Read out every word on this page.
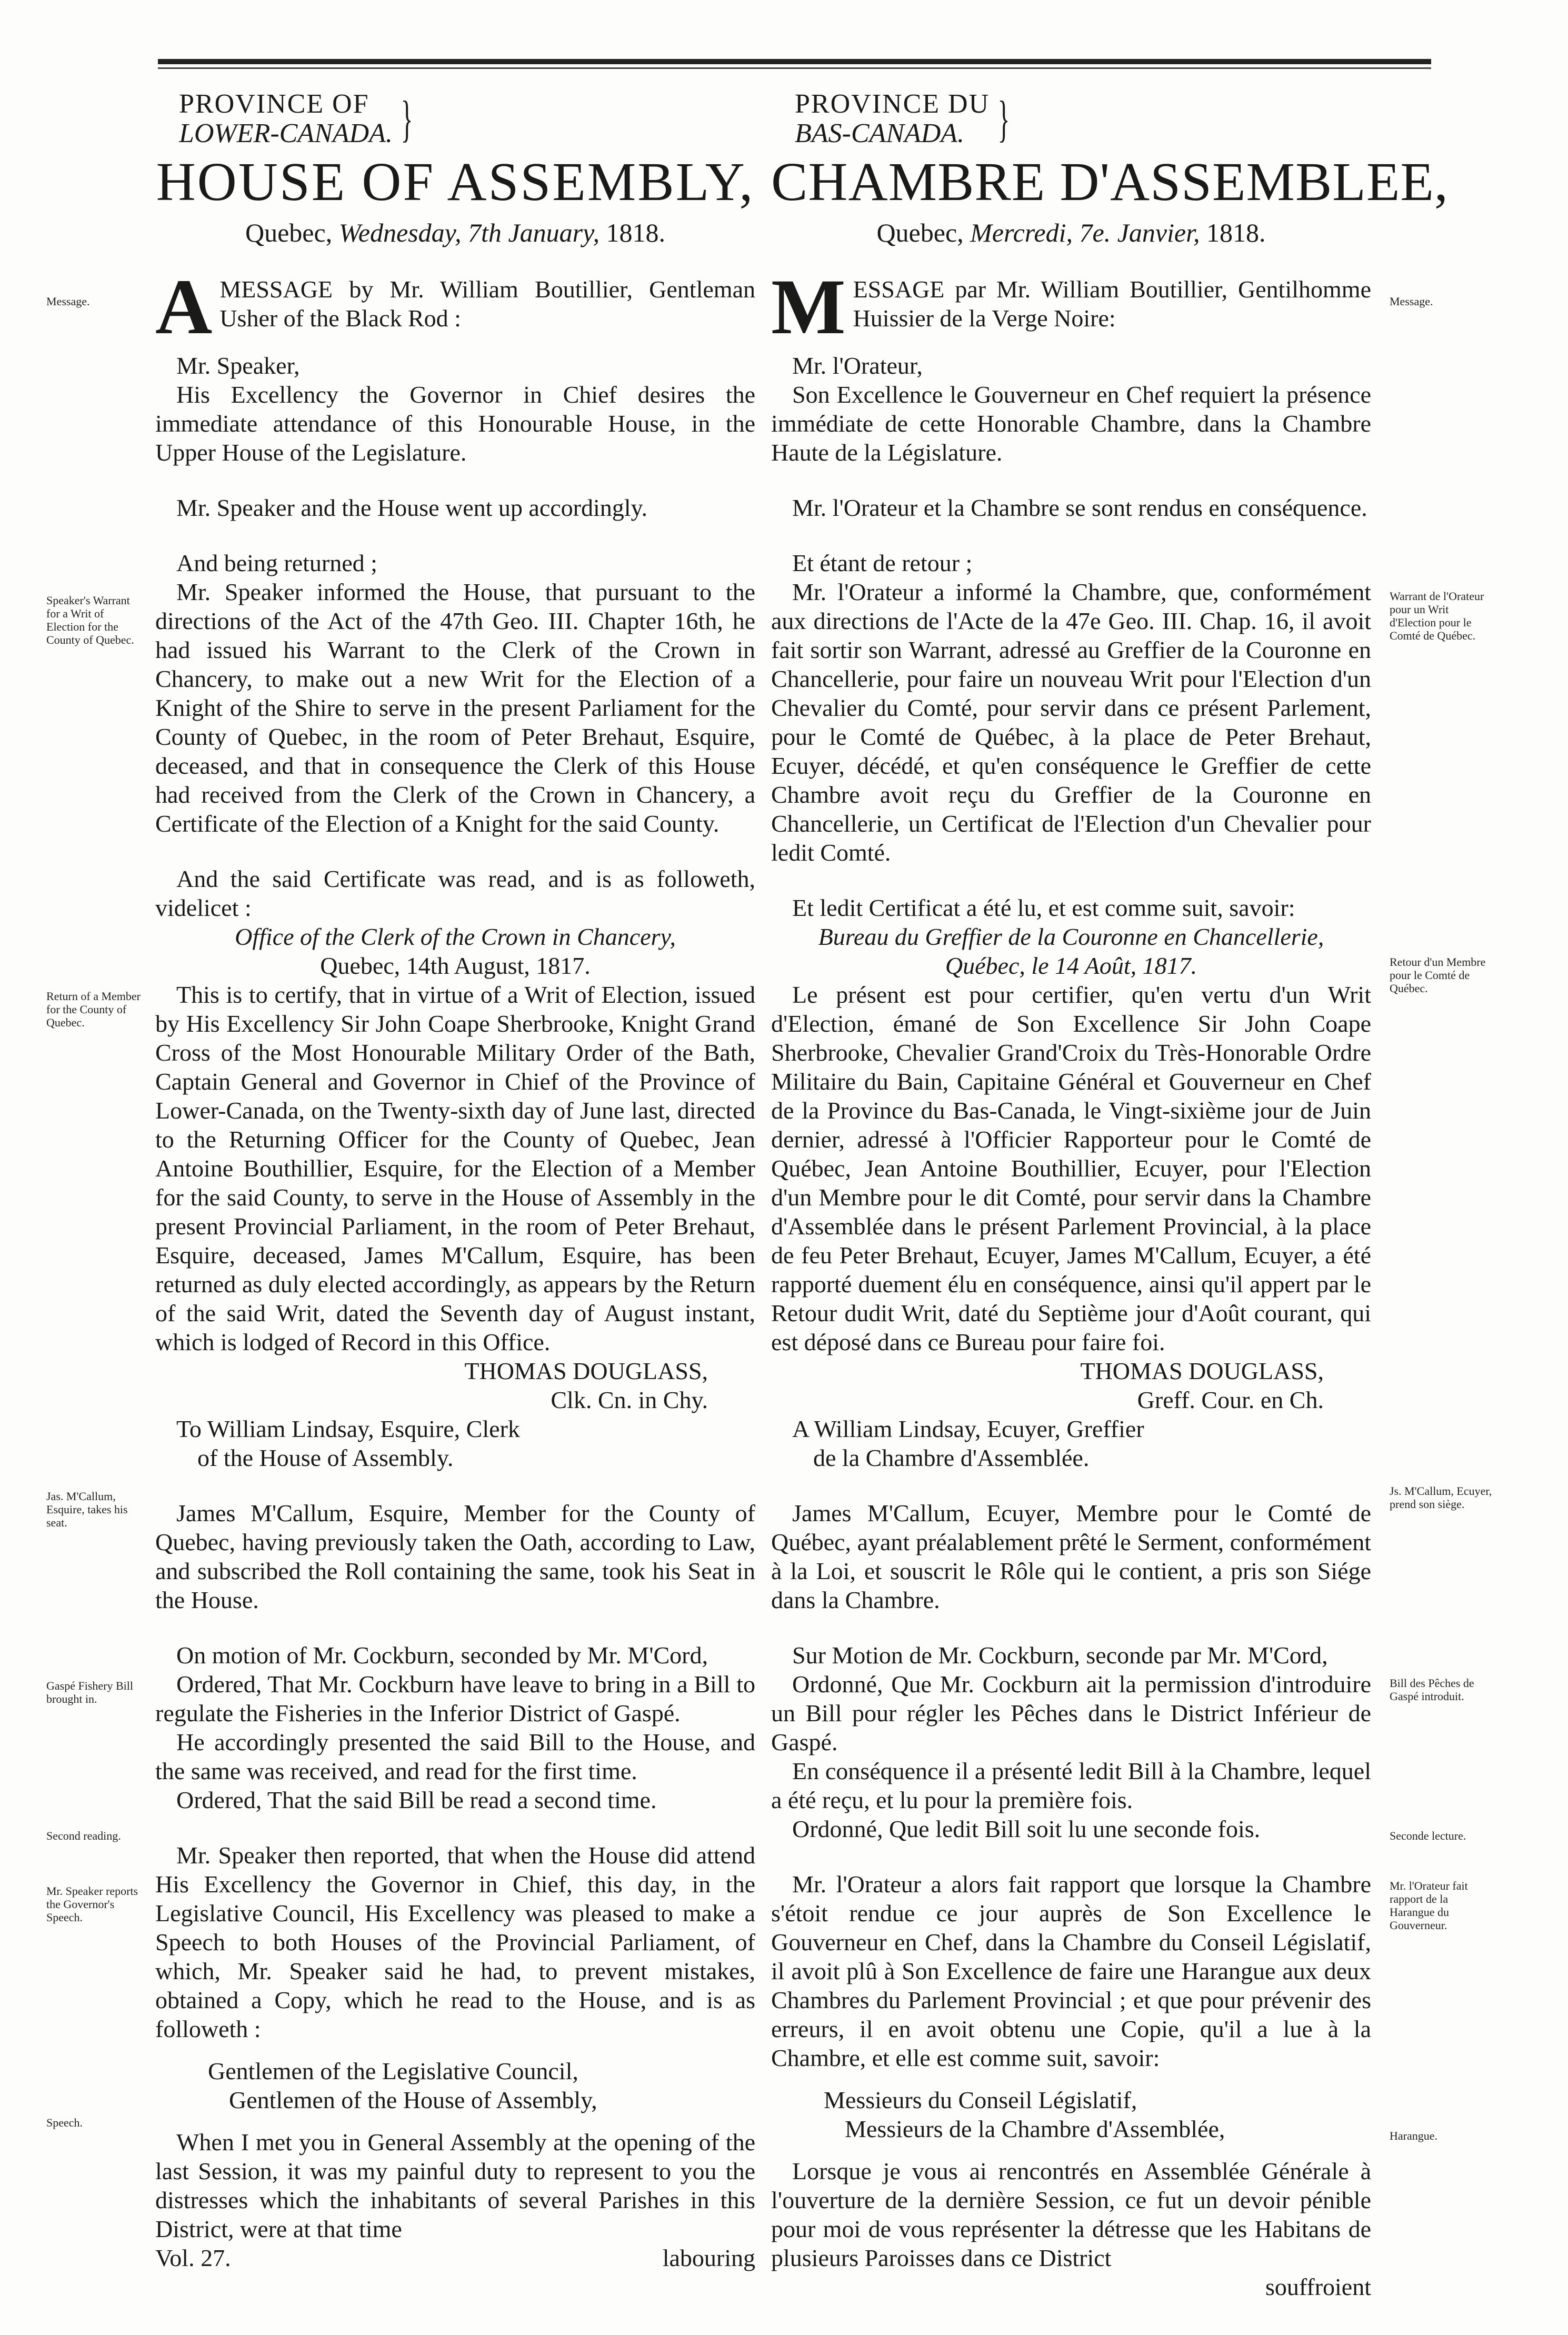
Message.
Speaker's Warrant for a Writ of Election for the County of Quebec.
Return of a Member for the County of Quebec.
Jas. M'Callum, Esquire, takes his seat.
Gaspé Fishery Bill brought in.
Second reading.
Mr. Speaker reports the Governor's Speech.
Speech.
Message.
Warrant de l'Orateur pour un Writ d'Election pour le Comté de Québec.
Retour d'un Membre pour le Comté de Québec.
Js. M'Callum, Ecuyer, prend son siège.
Bill des Pêches de Gaspé introduit.
Seconde lecture.
Mr. l'Orateur fait rapport de la Harangue du Gouverneur.
Harangue.
PROVINCE OF
LOWER-CANADA. }
HOUSE OF ASSEMBLY,
Quebec, Wednesday, 7th January, 1818.

AMESSAGE by Mr. William Boutillier, Gentleman Usher of the Black Rod :

Mr. Speaker,

His Excellency the Governor in Chief desires the immediate attendance of this Honourable House, in the Upper House of the Legislature.

Mr. Speaker and the House went up accordingly.

And being returned ;

Mr. Speaker informed the House, that pursuant to the directions of the Act of the 47th Geo. III. Chapter 16th, he had issued his Warrant to the Clerk of the Crown in Chancery, to make out a new Writ for the Election of a Knight of the Shire to serve in the present Parliament for the County of Quebec, in the room of Peter Brehaut, Esquire, deceased, and that in consequence the Clerk of this House had received from the Clerk of the Crown in Chancery, a Certificate of the Election of a Knight for the said County.

And the said Certificate was read, and is as followeth, videlicet :

Office of the Clerk of the Crown in Chancery,

Quebec, 14th August, 1817.

This is to certify, that in virtue of a Writ of Election, issued by His Excellency Sir John Coape Sherbrooke, Knight Grand Cross of the Most Honourable Military Order of the Bath, Captain General and Governor in Chief of the Province of Lower-Canada, on the Twenty-sixth day of June last, directed to the Returning Officer for the County of Quebec, Jean Antoine Bouthillier, Esquire, for the Election of a Member for the said County, to serve in the House of Assembly in the present Provincial Parliament, in the room of Peter Brehaut, Esquire, deceased, James M'Callum, Esquire, has been returned as duly elected accordingly, as appears by the Return of the said Writ, dated the Seventh day of August instant, which is lodged of Record in this Office.

THOMAS DOUGLASS,

Clk. Cn. in Chy.

To William Lindsay, Esquire, Clerk

of the House of Assembly.

James M'Callum, Esquire, Member for the County of Quebec, having previously taken the Oath, according to Law, and subscribed the Roll containing the same, took his Seat in the House.

On motion of Mr. Cockburn, seconded by Mr. M'Cord,

Ordered, That Mr. Cockburn have leave to bring in a Bill to regulate the Fisheries in the Inferior District of Gaspé.

He accordingly presented the said Bill to the House, and the same was received, and read for the first time.

Ordered, That the said Bill be read a second time.

Mr. Speaker then reported, that when the House did attend His Excellency the Governor in Chief, this day, in the Legislative Council, His Excellency was pleased to make a Speech to both Houses of the Provincial Parliament, of which, Mr. Speaker said he had, to prevent mistakes, obtained a Copy, which he read to the House, and is as followeth :

Gentlemen of the Legislative Council,

Gentlemen of the House of Assembly,

When I met you in General Assembly at the opening of the last Session, it was my painful duty to represent to you the distresses which the inhabitants of several Parishes in this District, were at that time

Vol. 27.	labouring
PROVINCE DU
BAS-CANADA. }
CHAMBRE D'ASSEMBLEE,
Quebec, Mercredi, 7e. Janvier, 1818.

MESSAGE par Mr. William Boutillier, Gentilhomme Huissier de la Verge Noire:

Mr. l'Orateur,

Son Excellence le Gouverneur en Chef requiert la présence immédiate de cette Honorable Chambre, dans la Chambre Haute de la Législature.

Mr. l'Orateur et la Chambre se sont rendus en conséquence.

Et étant de retour ;

Mr. l'Orateur a informé la Chambre, que, conformément aux directions de l'Acte de la 47e Geo. III. Chap. 16, il avoit fait sortir son Warrant, adressé au Greffier de la Couronne en Chancellerie, pour faire un nouveau Writ pour l'Election d'un Chevalier du Comté, pour servir dans ce présent Parlement, pour le Comté de Québec, à la place de Peter Brehaut, Ecuyer, décédé, et qu'en conséquence le Greffier de cette Chambre avoit reçu du Greffier de la Couronne en Chancellerie, un Certificat de l'Election d'un Chevalier pour ledit Comté.

Et ledit Certificat a été lu, et est comme suit, savoir:

Bureau du Greffier de la Couronne en Chancellerie,

Québec, le 14 Août, 1817.

Le présent est pour certifier, qu'en vertu d'un Writ d'Election, émané de Son Excellence Sir John Coape Sherbrooke, Chevalier Grand'Croix du Très-Honorable Ordre Militaire du Bain, Capitaine Général et Gouverneur en Chef de la Province du Bas-Canada, le Vingt-sixième jour de Juin dernier, adressé à l'Officier Rapporteur pour le Comté de Québec, Jean Antoine Bouthillier, Ecuyer, pour l'Election d'un Membre pour le dit Comté, pour servir dans la Chambre d'Assemblée dans le présent Parlement Provincial, à la place de feu Peter Brehaut, Ecuyer, James M'Callum, Ecuyer, a été rapporté duement élu en conséquence, ainsi qu'il appert par le Retour dudit Writ, daté du Septième jour d'Août courant, qui est déposé dans ce Bureau pour faire foi.

THOMAS DOUGLASS,

Greff. Cour. en Ch.

A William Lindsay, Ecuyer, Greffier

de la Chambre d'Assemblée.

James M'Callum, Ecuyer, Membre pour le Comté de Québec, ayant préalablement prêté le Serment, conformément à la Loi, et souscrit le Rôle qui le contient, a pris son Siége dans la Chambre.

Sur Motion de Mr. Cockburn, seconde par Mr. M'Cord,

Ordonné, Que Mr. Cockburn ait la permission d'introduire un Bill pour régler les Pêches dans le District Inférieur de Gaspé.

En conséquence il a présenté ledit Bill à la Chambre, lequel a été reçu, et lu pour la première fois.

Ordonné, Que ledit Bill soit lu une seconde fois.

Mr. l'Orateur a alors fait rapport que lorsque la Chambre s'étoit rendue ce jour auprès de Son Excellence le Gouverneur en Chef, dans la Chambre du Conseil Législatif, il avoit plû à Son Excellence de faire une Harangue aux deux Chambres du Parlement Provincial ; et que pour prévenir des erreurs, il en avoit obtenu une Copie, qu'il a lue à la Chambre, et elle est comme suit, savoir:

Messieurs du Conseil Législatif,

Messieurs de la Chambre d'Assemblée,

Lorsque je vous ai rencontrés en Assemblée Générale à l'ouverture de la dernière Session, ce fut un devoir pénible pour moi de vous représenter la détresse que les Habitans de plusieurs Paroisses dans ce District

souffroient
